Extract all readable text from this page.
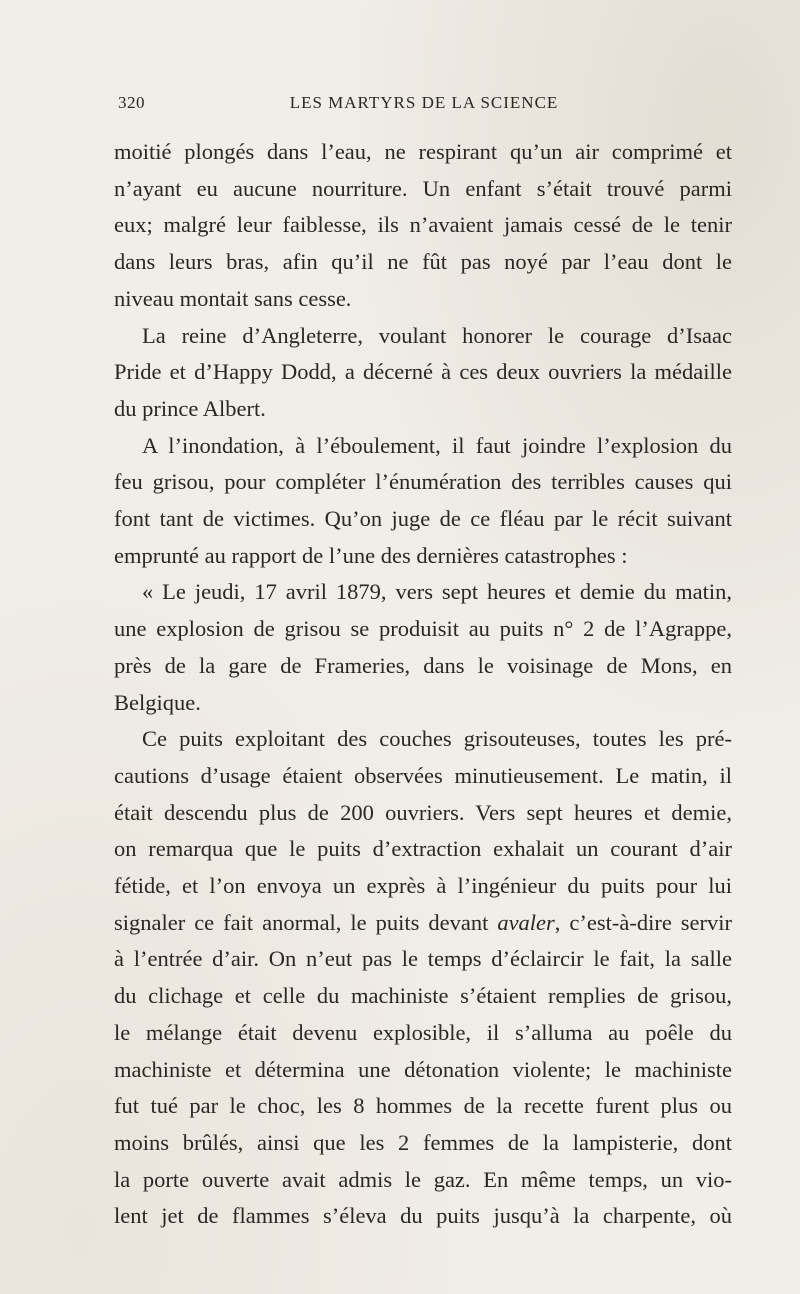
320	LES MARTYRS DE LA SCIENCE
moitié plongés dans l’eau, ne respirant qu’un air comprimé et
n’ayant eu aucune nourriture. Un enfant s’était trouvé parmi
eux; malgré leur faiblesse, ils n’avaient jamais cessé de le tenir
dans leurs bras, afin qu’il ne fût pas noyé par l’eau dont le
niveau montait sans cesse.
La reine d’Angleterre, voulant honorer le courage d’Isaac
Pride et d’Happy Dodd, a décerné à ces deux ouvriers la médaille
du prince Albert.
A l’inondation, à l’éboulement, il faut joindre l’explosion du
feu grisou, pour compléter l’énumération des terribles causes qui
font tant de victimes. Qu’on juge de ce fléau par le récit suivant
emprunté au rapport de l’une des dernières catastrophes :
« Le jeudi, 17 avril 1879, vers sept heures et demie du matin,
une explosion de grisou se produisit au puits n° 2 de l’Agrappe,
près de la gare de Frameries, dans le voisinage de Mons, en
Belgique.
Ce puits exploitant des couches grisouteuses, toutes les pré-
cautions d’usage étaient observées minutieusement. Le matin, il
était descendu plus de 200 ouvriers. Vers sept heures et demie,
on remarqua que le puits d’extraction exhalait un courant d’air
fétide, et l’on envoya un exprès à l’ingénieur du puits pour lui
signaler ce fait anormal, le puits devant avaler, c’est-à-dire servir
à l’entrée d’air. On n’eut pas le temps d’éclaircir le fait, la salle
du clichage et celle du machiniste s’étaient remplies de grisou,
le mélange était devenu explosible, il s’alluma au poêle du
machiniste et détermina une détonation violente; le machiniste
fut tué par le choc, les 8 hommes de la recette furent plus ou
moins brûlés, ainsi que les 2 femmes de la lampisterie, dont
la porte ouverte avait admis le gaz. En même temps, un vio-
lent jet de flammes s’éleva du puits jusqu’à la charpente, où
